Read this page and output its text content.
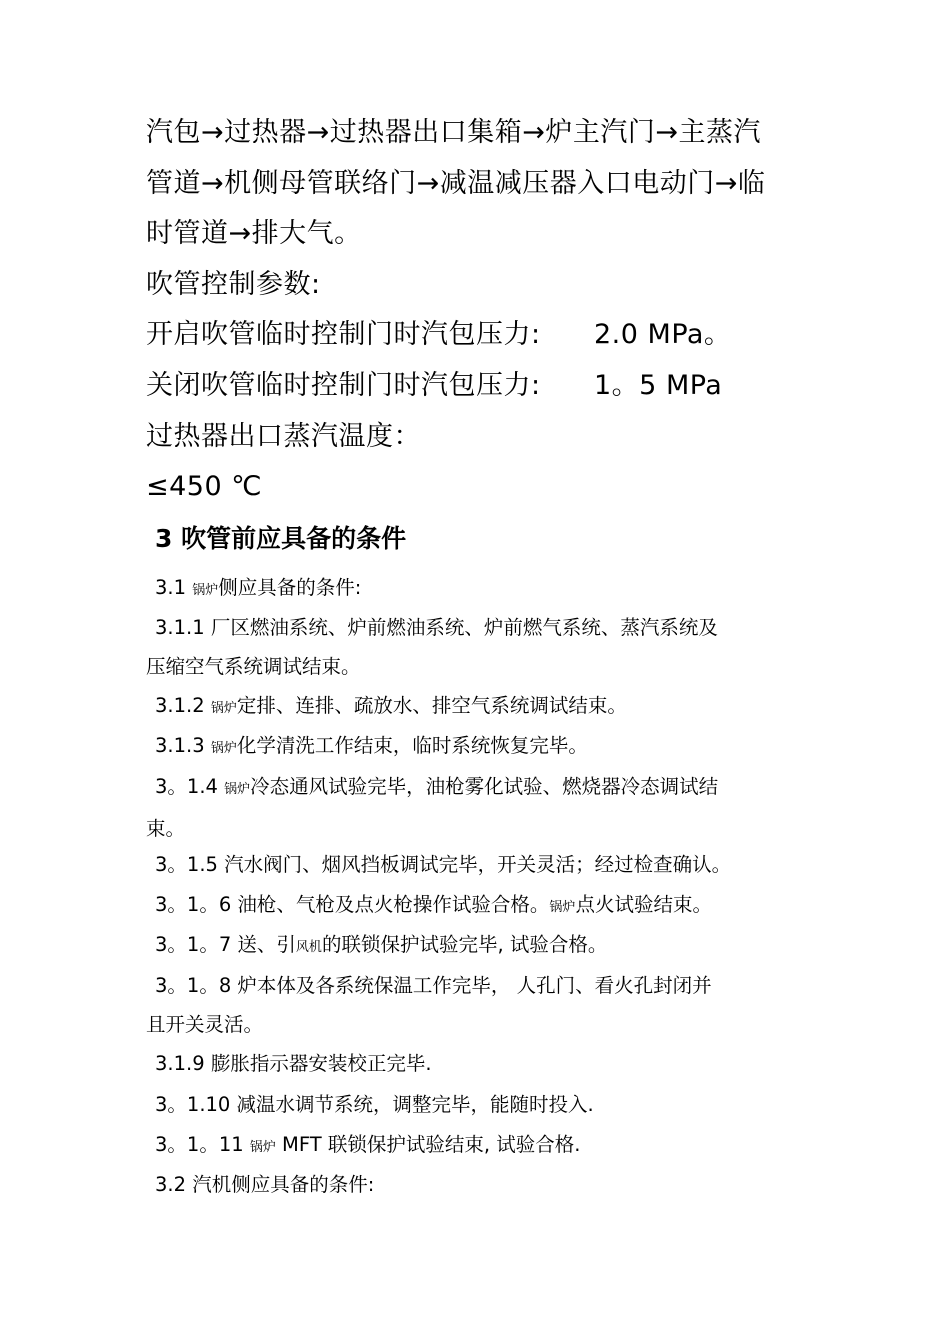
汽包→过热器→过热器出口集箱→炉主汽门→主蒸汽
管道→机侧母管联络门→减温减压器入口电动门→临
时管道→排大气。
吹管控制参数:
开启吹管临时控制门时汽包压力: 2.0 MPa。
关闭吹管临时控制门时汽包压力: 1。5 MPa
过热器出口蒸汽温度：
≤450 ℃
3 吹管前应具备的条件
3.1 锅炉侧应具备的条件:
3.1.1 厂区燃油系统、炉前燃油系统、炉前燃气系统、蒸汽系统及
压缩空气系统调试结束。
3.1.2 锅炉定排、连排、疏放水、排空气系统调试结束。
3.1.3 锅炉化学清洗工作结束，临时系统恢复完毕。
3。1.4 锅炉冷态通风试验完毕，油枪雾化试验、燃烧器冷态调试结
束。
3。1.5 汽水阀门、烟风挡板调试完毕，开关灵活；经过检查确认。
3。1。6 油枪、气枪及点火枪操作试验合格。锅炉点火试验结束。
3。1。7 送、引风机的联锁保护试验完毕, 试验合格。
3。1。8 炉本体及各系统保温工作完毕， 人孔门、看火孔封闭并
且开关灵活。
3.1.9 膨胀指示器安装校正完毕.
3。1.10 减温水调节系统，调整完毕，能随时投入.
3。1。11 锅炉 MFT 联锁保护试验结束, 试验合格.
3.2 汽机侧应具备的条件:
